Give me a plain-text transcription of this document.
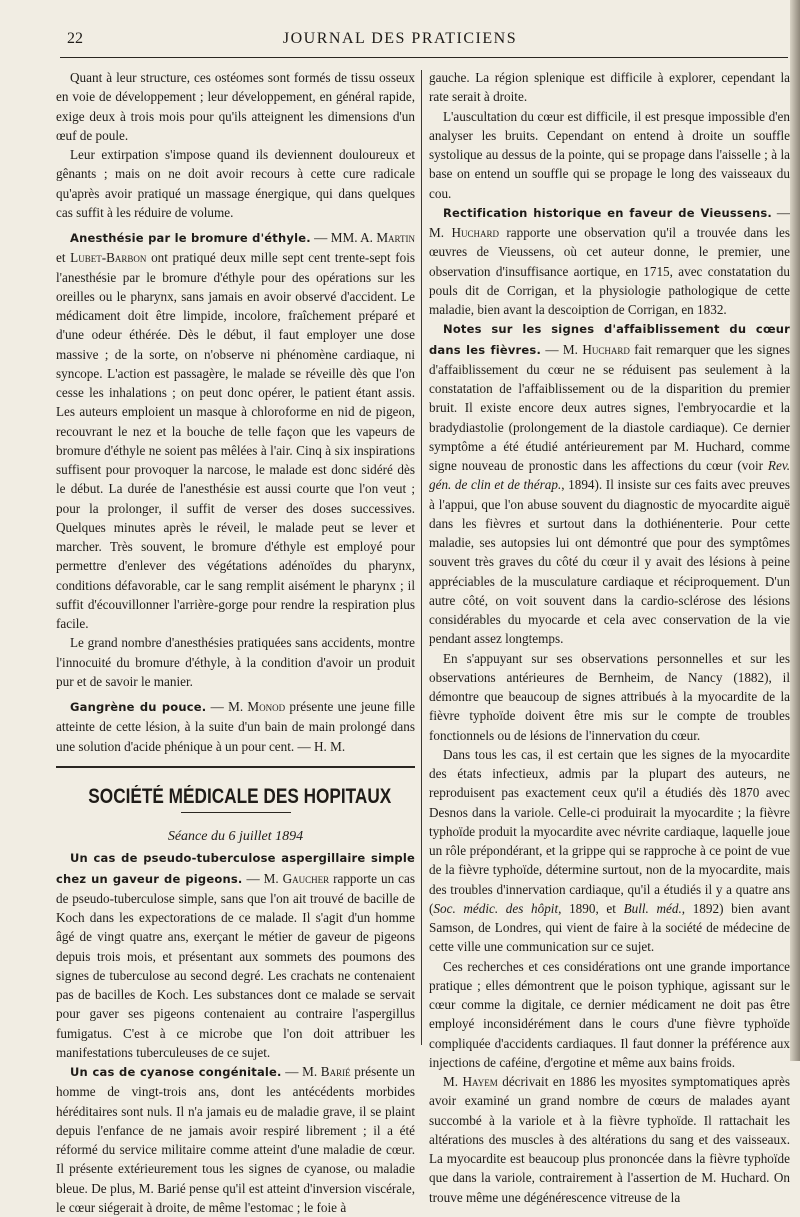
22	JOURNAL DES PRATICIENS

Quant à leur structure, ces ostéomes sont formés de tissu osseux en voie de développement ; leur développement, en général rapide, exige deux à trois mois pour qu'ils atteignent les dimensions d'un œuf de poule.

Leur extirpation s'impose quand ils deviennent douloureux et gênants ; mais on ne doit avoir recours à cette cure radicale qu'après avoir pratiqué un massage énergique, qui dans quelques cas suffit à les réduire de volume.

Anesthésie par le bromure d'éthyle. — MM. A. Martin et Lubet-Barbon ont pratiqué deux mille sept cent trente-sept fois l'anesthésie par le bromure d'éthyle pour des opérations sur les oreilles ou le pharynx, sans jamais en avoir observé d'accident. Le médicament doit être limpide, incolore, fraîchement préparé et d'une odeur éthérée. Dès le début, il faut employer une dose massive ; de la sorte, on n'observe ni phénomène cardiaque, ni syncope. L'action est passagère, le malade se réveille dès que l'on cesse les inhalations ; on peut donc opérer, le patient étant assis. Les auteurs emploient un masque à chloroforme en nid de pigeon, recouvrant le nez et la bouche de telle façon que les vapeurs de bromure d'éthyle ne soient pas mêlées à l'air. Cinq à six inspirations suffisent pour provoquer la narcose, le malade est donc sidéré dès le début. La durée de l'anesthésie est aussi courte que l'on veut ; pour la prolonger, il suffit de verser des doses successives. Quelques minutes après le réveil, le malade peut se lever et marcher. Très souvent, le bromure d'éthyle est employé pour permettre d'enlever des végétations adénoïdes du pharynx, conditions défavorable, car le sang remplit aisément le pharynx ; il suffit d'écouvillonner l'arrière-gorge pour rendre la respiration plus facile.

Le grand nombre d'anesthésies pratiquées sans accidents, montre l'innocuité du bromure d'éthyle, à la condition d'avoir un produit pur et de savoir le manier.

Gangrène du pouce. — M. Monod présente une jeune fille atteinte de cette lésion, à la suite d'un bain de main prolongé dans une solution d'acide phénique à un pour cent. — H. M.

SOCIÉTÉ MÉDICALE DES HOPITAUX
Séance du 6 juillet 1894

Un cas de pseudo-tuberculose aspergillaire simple chez un gaveur de pigeons. — M. Gaucher rapporte un cas de pseudo-tuberculose simple, sans que l'on ait trouvé de bacille de Koch dans les expectorations de ce malade. Il s'agit d'un homme âgé de vingt quatre ans, exerçant le métier de gaveur de pigeons depuis trois mois, et présentant aux sommets des poumons des signes de tuberculose au second degré. Les crachats ne contenaient pas de bacilles de Koch. Les substances dont ce malade se servait pour gaver ses pigeons contenaient au contraire l'aspergillus fumigatus. C'est à ce microbe que l'on doit attribuer les manifestations tuberculeuses de ce sujet.

Un cas de cyanose congénitale. — M. Barié présente un homme de vingt-trois ans, dont les antécédents morbides héréditaires sont nuls. Il n'a jamais eu de maladie grave, il se plaint depuis l'enfance de ne jamais avoir respiré librement ; il a été réformé du service militaire comme atteint d'une maladie de cœur. Il présente extérieurement tous les signes de cyanose, ou maladie bleue. De plus, M. Barié pense qu'il est atteint d'inversion viscérale, le cœur siégerait à droite, de même l'estomac ; le foie à

gauche. La région splenique est difficile à explorer, cependant la rate serait à droite.

L'auscultation du cœur est difficile, il est presque impossible d'en analyser les bruits. Cependant on entend à droite un souffle systolique au dessus de la pointe, qui se propage dans l'aisselle ; à la base on entend un souffle qui se propage le long des vaisseaux du cou.

Rectification historique en faveur de Vieussens. — M. Huchard rapporte une observation qu'il a trouvée dans les œuvres de Vieussens, où cet auteur donne, le premier, une observation d'insuffisance aortique, en 1715, avec constatation du pouls dit de Corrigan, et la physiologie pathologique de cette maladie, bien avant la descoiption de Corrigan, en 1832.

Notes sur les signes d'affaiblissement du cœur dans les fièvres. — M. Huchard fait remarquer que les signes d'affaiblissement du cœur ne se réduisent pas seulement à la constatation de l'affaiblissement ou de la disparition du premier bruit. Il existe encore deux autres signes, l'embryocardie et la bradydiastolie (prolongement de la diastole cardiaque). Ce dernier symptôme a été étudié antérieurement par M. Huchard, comme signe nouveau de pronostic dans les affections du cœur (voir Rev. gén. de clin et de thérap., 1894). Il insiste sur ces faits avec preuves à l'appui, que l'on abuse souvent du diagnostic de myocardite aiguë dans les fièvres et surtout dans la dothiénenterie. Pour cette maladie, ses autopsies lui ont démontré que pour des symptômes souvent très graves du côté du cœur il y avait des lésions à peine appréciables de la musculature cardiaque et réciproquement. D'un autre côté, on voit souvent dans la cardio-sclérose des lésions considérables du myocarde et cela avec conservation de la vie pendant assez longtemps.

En s'appuyant sur ses observations personnelles et sur les observations antérieures de Bernheim, de Nancy (1882), il démontre que beaucoup de signes attribués à la myocardite de la fièvre typhoïde doivent être mis sur le compte de troubles fonctionnels ou de lésions de l'innervation du cœur.

Dans tous les cas, il est certain que les signes de la myocardite des états infectieux, admis par la plupart des auteurs, ne reproduisent pas exactement ceux qu'il a étudiés dès 1870 avec Desnos dans la variole. Celle-ci produirait la myocardite ; la fièvre typhoïde produit la myocardite avec névrite cardiaque, laquelle joue un rôle prépondérant, et la grippe qui se rapproche à ce point de vue de la fièvre typhoïde, détermine surtout, non de la myocardite, mais des troubles d'innervation cardiaque, qu'il a étudiés il y a quatre ans (Soc. médic. des hôpit, 1890, et Bull. méd., 1892) bien avant Samson, de Londres, qui vient de faire à la société de médecine de cette ville une communication sur ce sujet.

Ces recherches et ces considérations ont une grande importance pratique ; elles démontrent que le poison typhique, agissant sur le cœur comme la digitale, ce dernier médicament ne doit pas être employé inconsidérément dans le cours d'une fièvre typhoïde compliquée d'accidents cardiaques. Il faut donner la préférence aux injections de caféine, d'ergotine et même aux bains froids.

M. Hayem décrivait en 1886 les myosites symptomatiques après avoir examiné un grand nombre de cœurs de malades ayant succombé à la variole et à la fièvre typhoïde. Il rattachait les altérations des muscles à des altérations du sang et des vaisseaux. La myocardite est beaucoup plus prononcée dans la fièvre typhoïde que dans la variole, contrairement à l'assertion de M. Huchard. On trouve même une dégénérescence vitreuse de la
